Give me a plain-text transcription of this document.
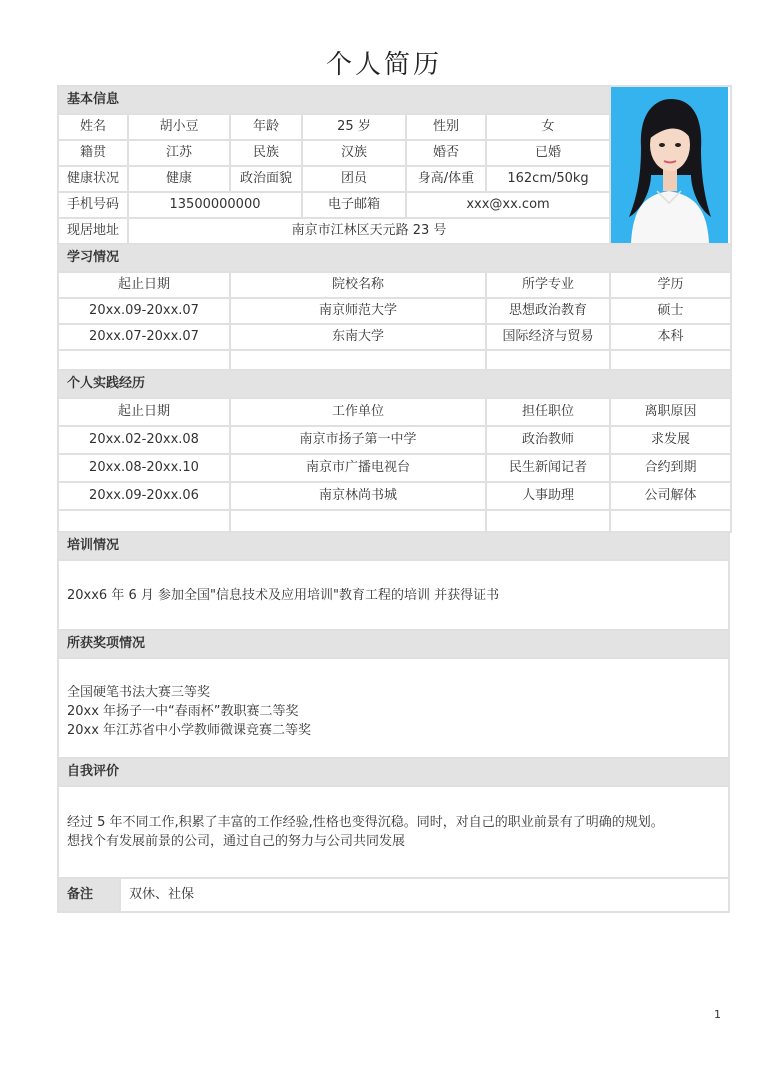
个人简历
基本信息	

姓名	胡小豆	年龄	25 岁	性别	女	
籍贯	江苏	民族	汉族	婚否	已婚	
健康状况	健康	政治面貌	团员	身高/体重	162cm/50kg	
手机号码	13500000000		电子邮箱	xxx@xx.com		
现居地址	南京市江林区天元路 23 号					
学习情况			
起止日期	院校名称	所学专业	学历
20xx.09-20xx.07	南京师范大学	思想政治教育	硕士
20xx.07-20xx.07	东南大学	国际经济与贸易	本科

个人实践经历			
起止日期	工作单位	担任职位	离职原因
20xx.02-20xx.08	南京市扬子第一中学	政治教师	求发展
20xx.08-20xx.10	南京市广播电视台	民生新闻记者	合约到期
20xx.09-20xx.06	南京林尚书城	人事助理	公司解体

培训情况
20xx6 年 6 月 参加全国"信息技术及应用培训"教育工程的培训 并获得证书
所获奖项情况

全国硬笔书法大赛三等奖
20xx 年扬子一中“春雨杯”教职赛二等奖
20xx 年江苏省中小学教师微课竞赛二等奖
自我评价

经过 5 年不同工作,积累了丰富的工作经验,性格也变得沉稳。同时，对自己的职业前景有了明确的规划。
想找个有发展前景的公司，通过自己的努力与公司共同发展
备注	双休、社保
1
